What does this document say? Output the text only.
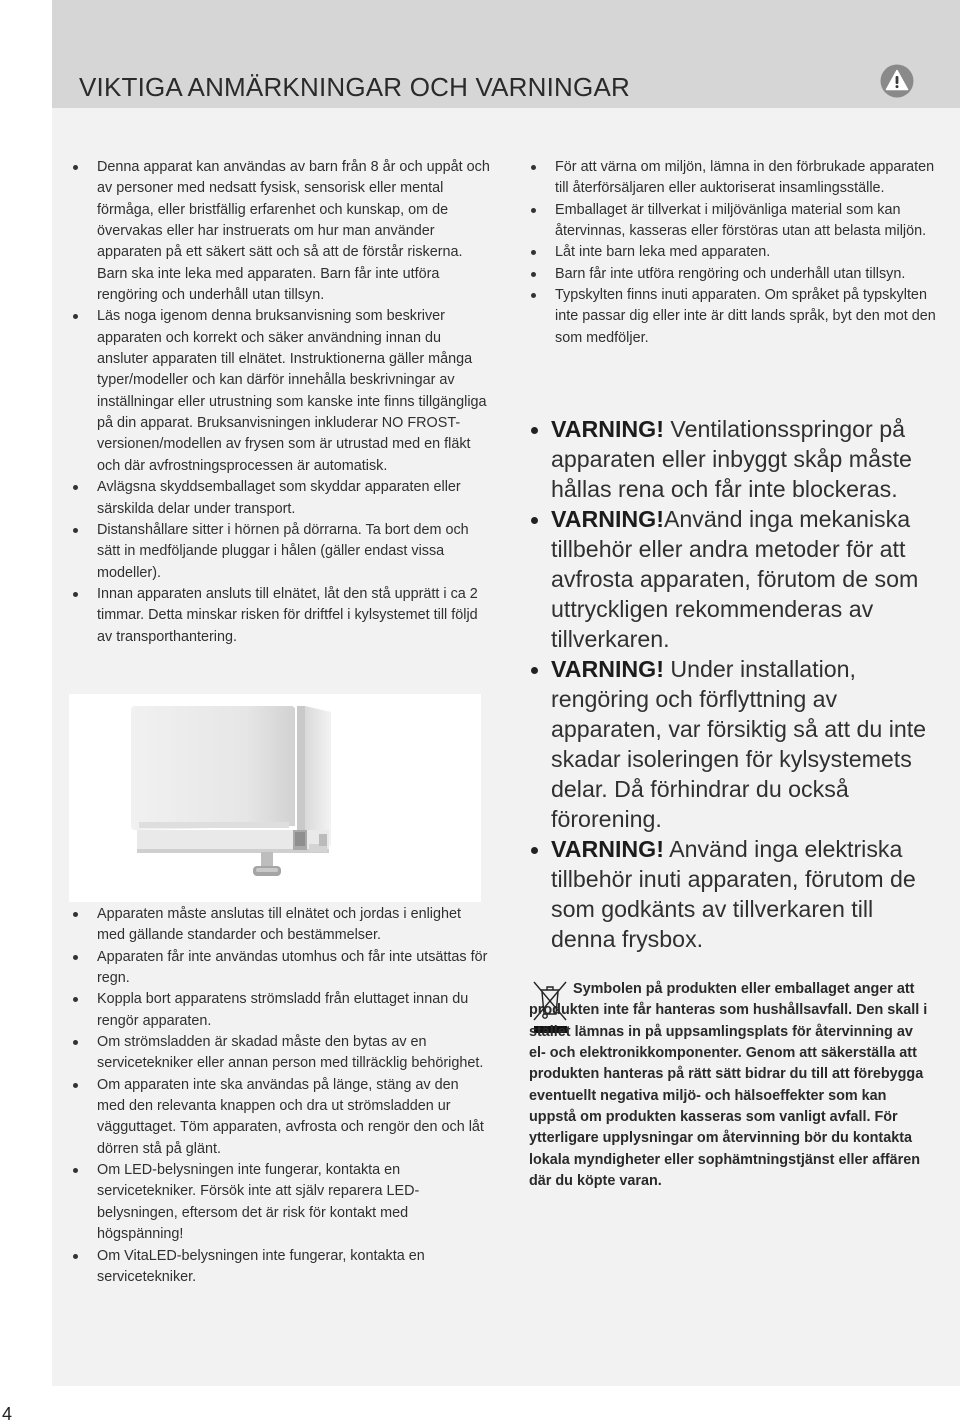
VIKTIGA ANMÄRKNINGAR OCH VARNINGAR
Denna apparat kan användas av barn från 8 år och uppåt och av personer med nedsatt fysisk, sensorisk eller mental förmåga, eller bristfällig erfarenhet och kunskap, om de övervakas eller har instruerats om hur man använder apparaten på ett säkert sätt och så att de förstår riskerna. Barn ska inte leka med apparaten. Barn får inte utföra rengöring och underhåll utan tillsyn.
Läs noga igenom denna bruksanvisning som beskriver apparaten och korrekt och säker användning innan du ansluter apparaten till elnätet. Instruktionerna gäller många typer/modeller och kan därför innehålla beskrivningar av inställningar eller utrustning som kanske inte finns tillgängliga på din apparat. Bruksanvisningen inkluderar NO FROST-versionen/modellen av frysen som är utrustad med en fläkt och där avfrostningsprocessen är automatisk.
Avlägsna skyddsemballaget som skyddar apparaten eller särskilda delar under transport.
Distanshållare sitter i hörnen på dörrarna. Ta bort dem och sätt in medföljande pluggar i hålen (gäller endast vissa modeller).
Innan apparaten ansluts till elnätet, låt den stå upprätt i ca 2 timmar. Detta minskar risken för driftfel i kylsystemet till följd av transporthantering.
Apparaten måste anslutas till elnätet och jordas i enlighet med gällande standarder och bestämmelser.
Apparaten får inte användas utomhus och får inte utsättas för regn.
Koppla bort apparatens strömsladd från eluttaget innan du rengör apparaten.
Om strömsladden är skadad måste den bytas av en servicetekniker eller annan person med tillräcklig behörighet.
Om apparaten inte ska användas på länge, stäng av den med den relevanta knappen och dra ut strömsladden ur vägguttaget. Töm apparaten, avfrosta och rengör den och låt dörren stå på glänt.
Om LED-belysningen inte fungerar, kontakta en servicetekniker. Försök inte att själv reparera LED-belysningen, eftersom det är risk för kontakt med högspänning!
Om VitaLED-belysningen inte fungerar, kontakta en servicetekniker.
För att värna om miljön, lämna in den förbrukade apparaten till återförsäljaren eller auktoriserat insamlingsställe.
Emballaget är tillverkat i miljövänliga material som kan återvinnas, kasseras eller förstöras utan att belasta miljön.
Låt inte barn leka med apparaten.
Barn får inte utföra rengöring och underhåll utan tillsyn.
Typskylten finns inuti apparaten. Om språket på typskylten inte passar dig eller inte är ditt lands språk, byt den mot den som medföljer.
VARNING! Ventilationsspringor på apparaten eller inbyggt skåp måste hållas rena och får inte blockeras.
VARNING!Använd inga mekaniska tillbehör eller andra metoder för att avfrosta apparaten, förutom de som uttryckligen rekommenderas av tillverkaren.
VARNING! Under installation, rengöring och förflyttning av apparaten, var försiktig så att du inte skadar isoleringen för kylsystemets delar. Då förhindrar du också förorening.
VARNING! Använd inga elektriska tillbehör inuti apparaten, förutom de som godkänts av tillverkaren till denna frysbox.
Symbolen på produkten eller emballaget anger att produkten inte får hanteras som hushållsavfall. Den skall i stället lämnas in på uppsamlingsplats för återvinning av el- och elektronikkomponenter. Genom att säkerställa att produkten hanteras på rätt sätt bidrar du till att förebygga eventuellt negativa miljö- och hälsoeffekter som kan uppstå om produkten kasseras som vanligt avfall. För ytterligare upplysningar om återvinning bör du kontakta lokala myndigheter eller sophämtningstjänst eller affären där du köpte varan.
4
